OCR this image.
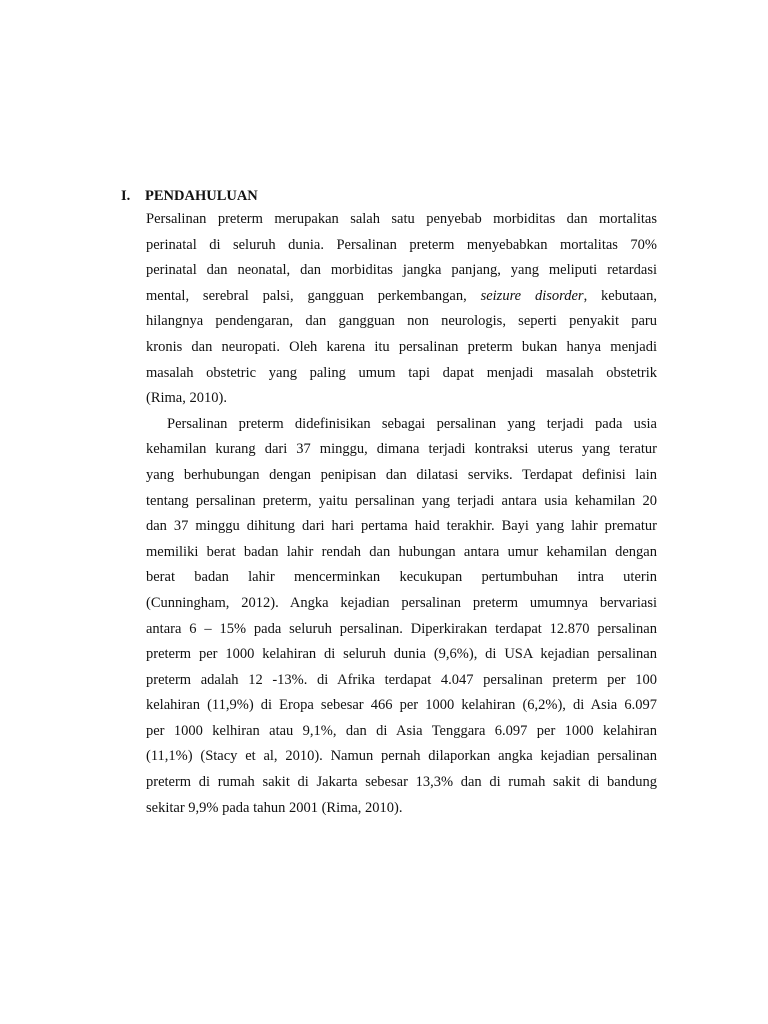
I. PENDAHULUAN
Persalinan preterm merupakan salah satu penyebab morbiditas dan mortalitas
perinatal di seluruh dunia. Persalinan preterm menyebabkan mortalitas 70%
perinatal dan neonatal, dan morbiditas jangka panjang, yang meliputi retardasi
mental, serebral palsi, gangguan perkembangan, seizure disorder, kebutaan,
hilangnya pendengaran, dan gangguan non neurologis, seperti penyakit paru
kronis dan neuropati. Oleh karena itu persalinan preterm bukan hanya menjadi
masalah obstetric yang paling umum tapi dapat menjadi masalah obstetrik
(Rima, 2010).
Persalinan preterm didefinisikan sebagai persalinan yang terjadi pada usia
kehamilan kurang dari 37 minggu, dimana terjadi kontraksi uterus yang teratur
yang berhubungan dengan penipisan dan dilatasi serviks. Terdapat definisi lain
tentang persalinan preterm, yaitu persalinan yang terjadi antara usia kehamilan 20
dan 37 minggu dihitung dari hari pertama haid terakhir. Bayi yang lahir prematur
memiliki berat badan lahir rendah dan hubungan antara umur kehamilan dengan
berat badan lahir mencerminkan kecukupan pertumbuhan intra uterin
(Cunningham, 2012). Angka kejadian persalinan preterm umumnya bervariasi
antara 6 – 15% pada seluruh persalinan. Diperkirakan terdapat 12.870 persalinan
preterm per 1000 kelahiran di seluruh dunia (9,6%), di USA kejadian persalinan
preterm adalah 12 -13%. di Afrika terdapat 4.047 persalinan preterm per 100
kelahiran (11,9%) di Eropa sebesar 466 per 1000 kelahiran (6,2%), di Asia 6.097
per 1000 kelhiran atau 9,1%, dan di Asia Tenggara 6.097 per 1000 kelahiran
(11,1%) (Stacy et al, 2010). Namun pernah dilaporkan angka kejadian persalinan
preterm di rumah sakit di Jakarta sebesar 13,3% dan di rumah sakit di bandung
sekitar 9,9% pada tahun 2001 (Rima, 2010).
